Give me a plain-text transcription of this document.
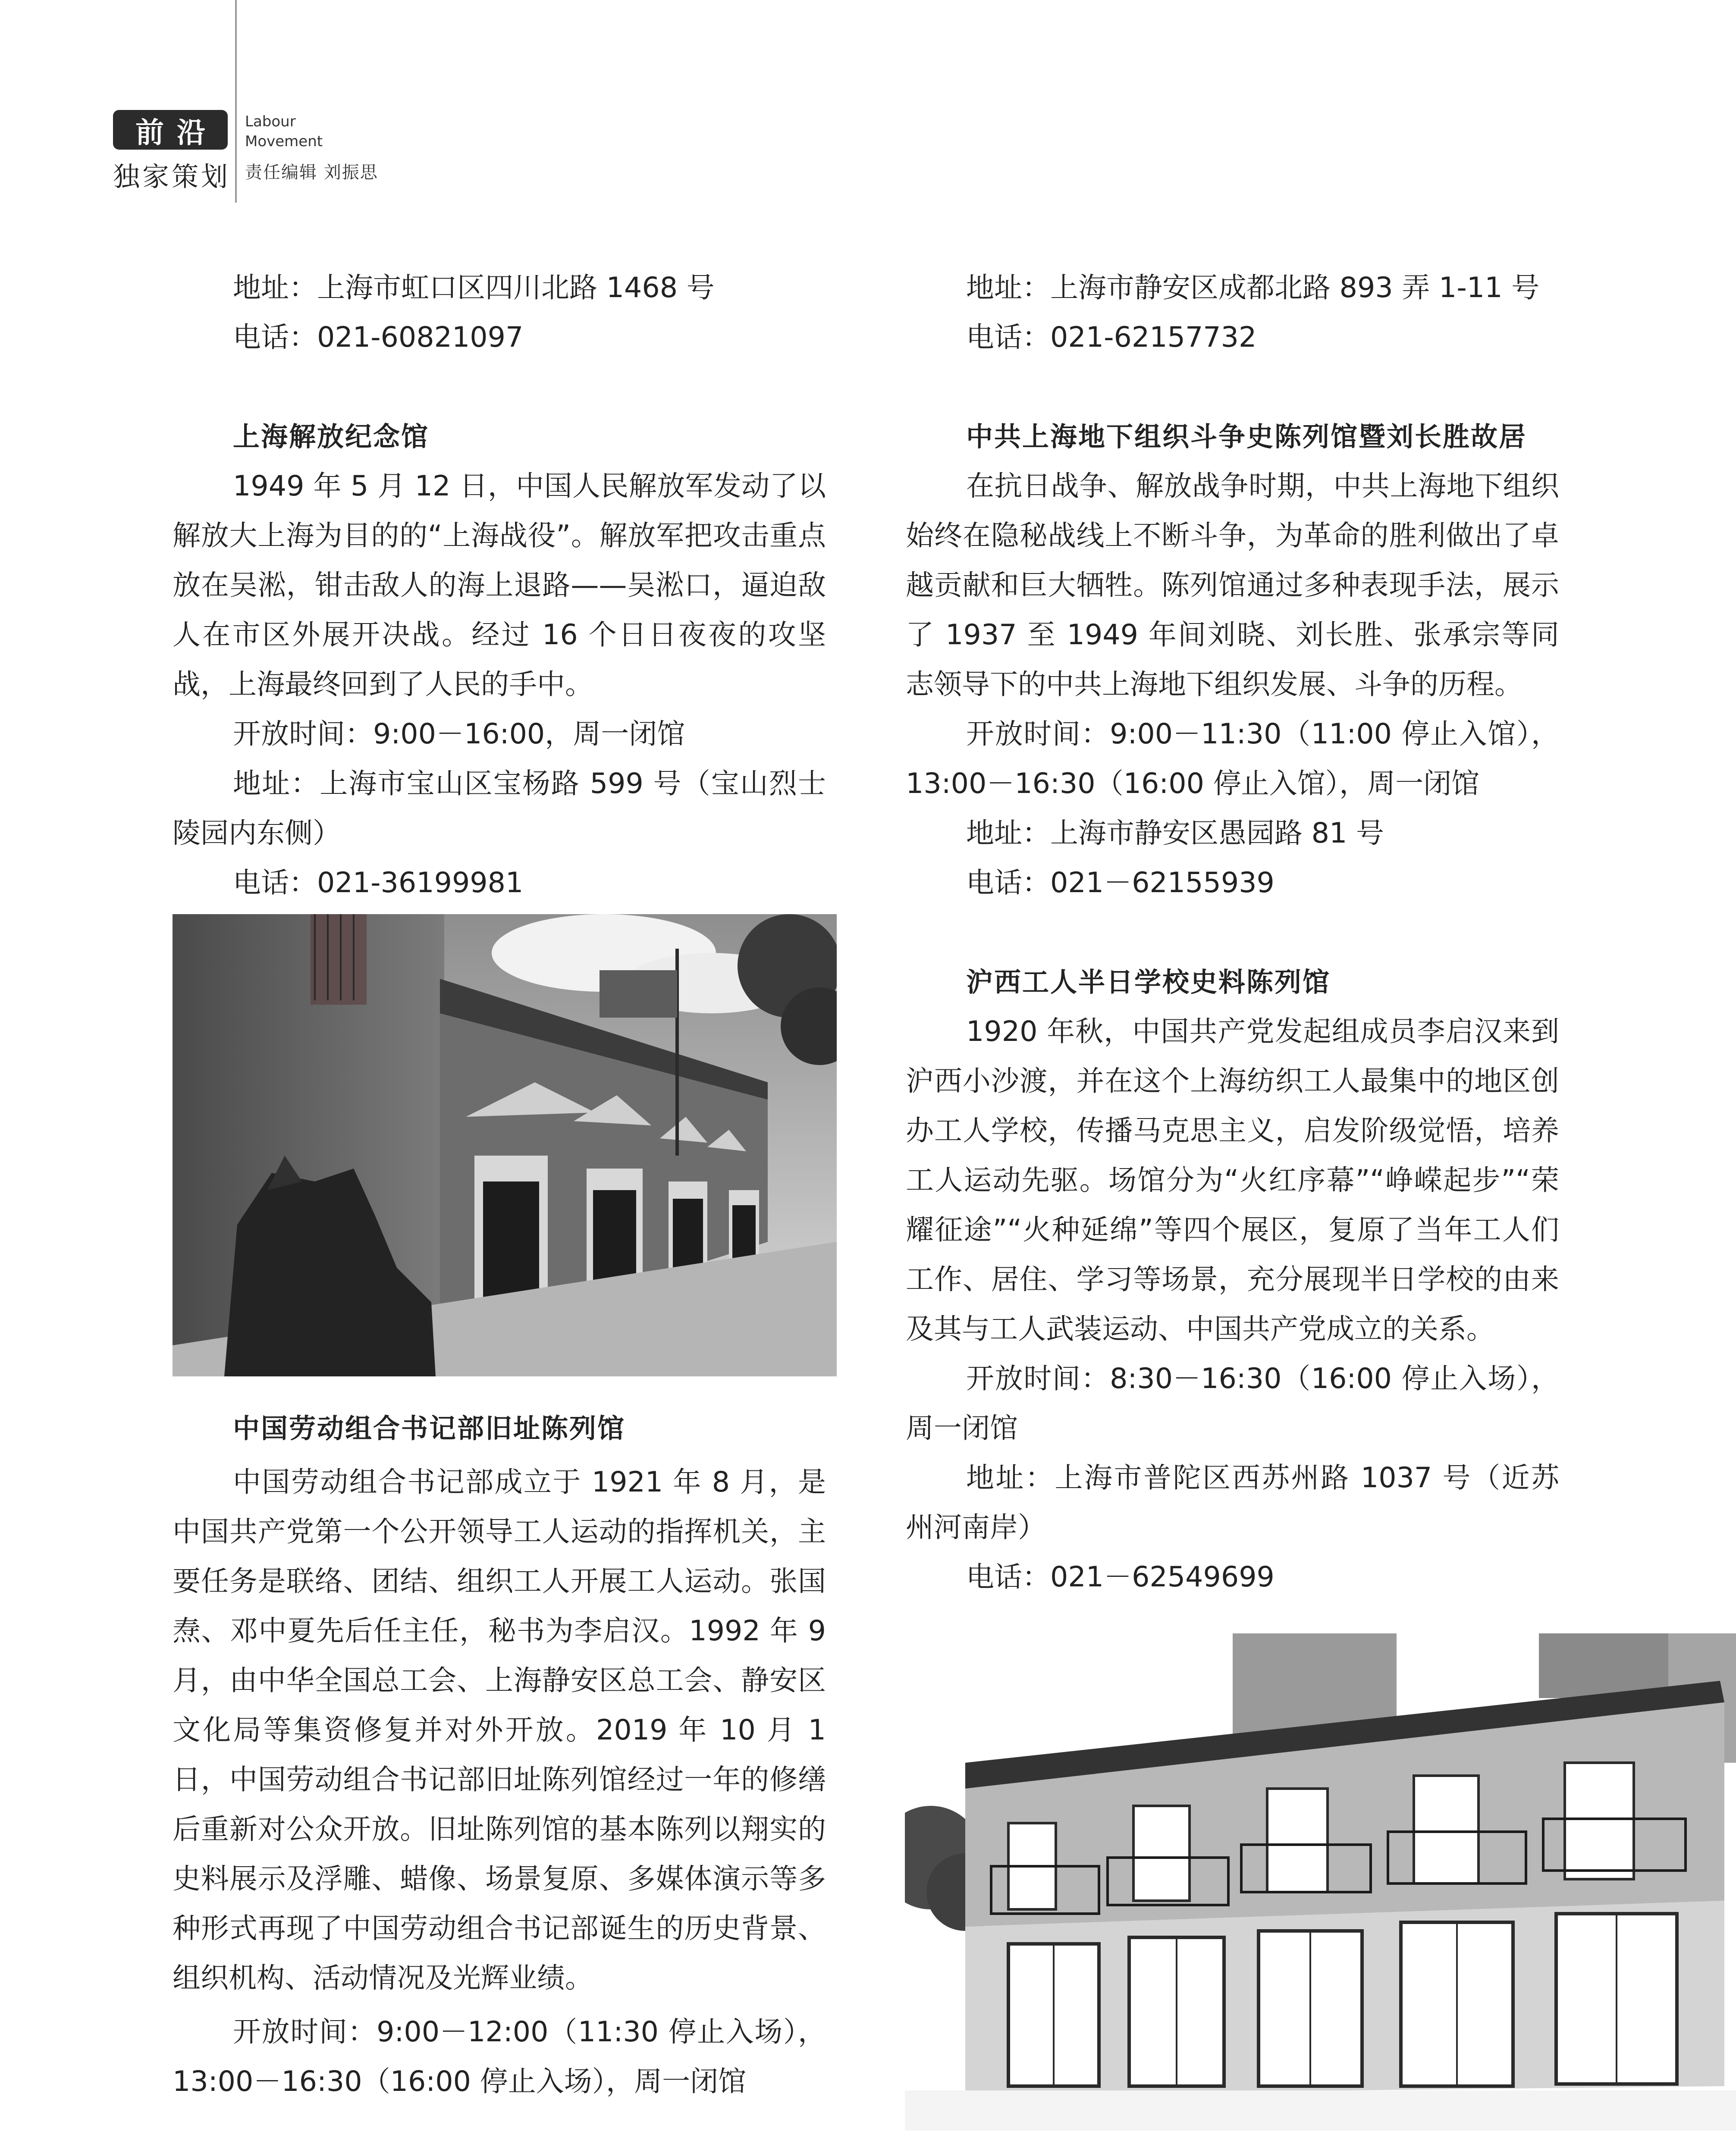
前沿
独家策划
Labour
Movement
责任编辑 刘振思

地址：上海市虹口区四川北路 1468 号

电话：021-60821097

上海解放纪念馆

1949 年 5 月 12 日，中国人民解放军发动了以解放大上海为目的的“上海战役”。解放军把攻击重点放在吴淞，钳击敌人的海上退路——吴淞口，逼迫敌人在市区外展开决战。经过 16 个日日夜夜的攻坚战，上海最终回到了人民的手中。

开放时间：9:00－16:00，周一闭馆

地址：上海市宝山区宝杨路 599 号（宝山烈士陵园内东侧）

电话：021-36199981

中国劳动组合书记部旧址陈列馆

中国劳动组合书记部成立于 1921 年 8 月，是中国共产党第一个公开领导工人运动的指挥机关，主要任务是联络、团结、组织工人开展工人运动。张国焘、邓中夏先后任主任，秘书为李启汉。1992 年 9 月，由中华全国总工会、上海静安区总工会、静安区文化局等集资修复并对外开放。2019 年 10 月 1 日，中国劳动组合书记部旧址陈列馆经过一年的修缮后重新对公众开放。旧址陈列馆的基本陈列以翔实的史料展示及浮雕、蜡像、场景复原、多媒体演示等多种形式再现了中国劳动组合书记部诞生的历史背景、组织机构、活动情况及光辉业绩。

开放时间：9:00－12:00（11:30 停止入场），13:00－16:30（16:00 停止入场），周一闭馆

地址：上海市静安区成都北路 893 弄 1-11 号

电话：021-62157732

中共上海地下组织斗争史陈列馆暨刘长胜故居

在抗日战争、解放战争时期，中共上海地下组织始终在隐秘战线上不断斗争，为革命的胜利做出了卓越贡献和巨大牺牲。陈列馆通过多种表现手法，展示了 1937 至 1949 年间刘晓、刘长胜、张承宗等同志领导下的中共上海地下组织发展、斗争的历程。

开放时间：9:00－11:30（11:00 停止入馆），13:00－16:30（16:00 停止入馆），周一闭馆

地址：上海市静安区愚园路 81 号

电话：021－62155939

沪西工人半日学校史料陈列馆

1920 年秋，中国共产党发起组成员李启汉来到沪西小沙渡，并在这个上海纺织工人最集中的地区创办工人学校，传播马克思主义，启发阶级觉悟，培养工人运动先驱。场馆分为“火红序幕”“峥嵘起步”“荣耀征途”“火种延绵”等四个展区，复原了当年工人们工作、居住、学习等场景，充分展现半日学校的由来及其与工人武装运动、中国共产党成立的关系。

开放时间：8:30－16:30（16:00 停止入场），周一闭馆

地址：上海市普陀区西苏州路 1037 号（近苏州河南岸）

电话：021－62549699
